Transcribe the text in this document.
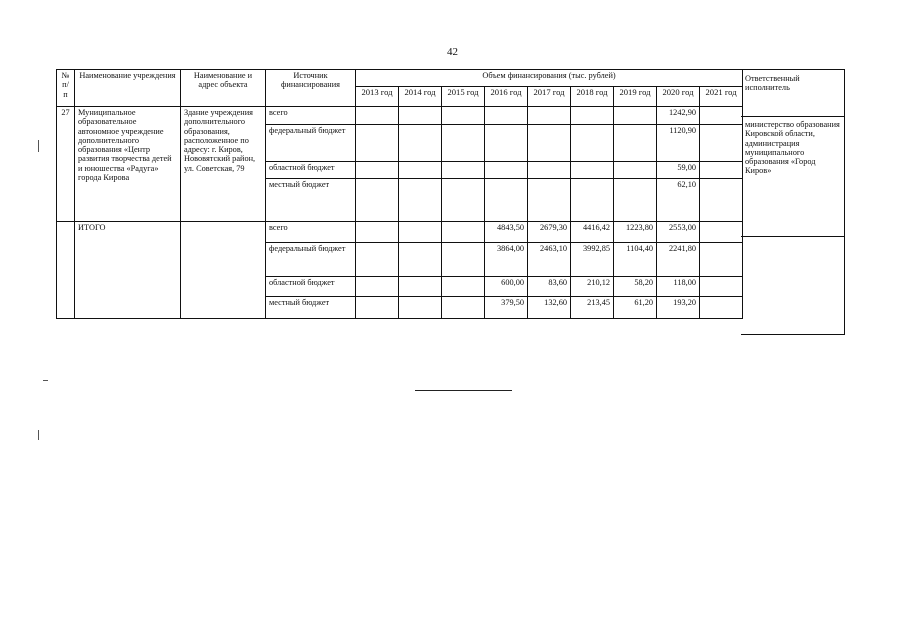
42
№ п/п	Наименование учреждения	Наименование и адрес объекта	Источник финансирования	Объем финансирования (тыс. рублей)								
				2013 год	2014 год	2015 год	2016 год	2017 год	2018 год	2019 год	2020 год	2021 год
27	Муниципальное образовательное автономное учреждение дополнительного образования «Центр развития творчества детей и юношества «Радуга» города Кирова	Здание учреждения дополнительного образования, расположенное по адресу: г. Киров, Нововятский район, ул. Советская, 79	всего								1242,90	
			федеральный бюджет								1120,90	
			областной бюджет								59,00	
			местный бюджет								62,10	
	ИТОГО		всего				4843,50	2679,30	4416,42	1223,80	2553,00	
			федеральный бюджет				3864,00	2463,10	3992,85	1104,40	2241,80	
			областной бюджет				600,00	83,60	210,12	58,20	118,00	
			местный бюджет				379,50	132,60	213,45	61,20	193,20	
Ответственный исполнитель
министерство образования Кировской области, администрация муниципального образования «Город Киров»
